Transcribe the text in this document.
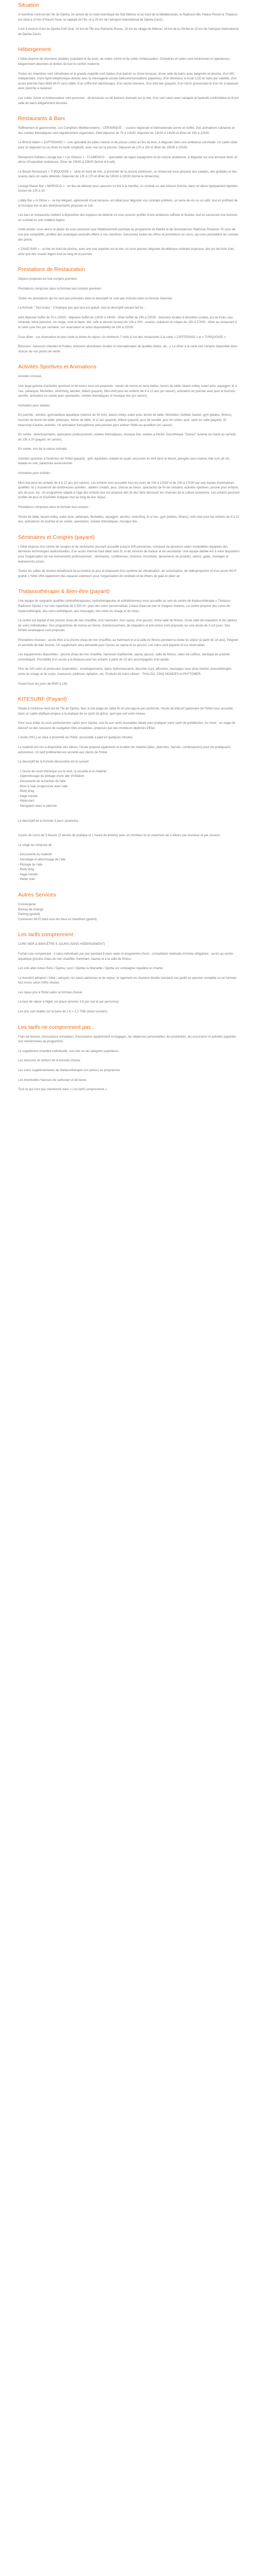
Situation

A l'extrême nord-est de l'île de Djerba, en amont de la route touristique de Sidi Mahrez et au bord de la Méditerranée, le Radisson Blu Palace Resort & Thalasso est situé à 10 km d'Houmt Souk, la capitale de l'île, et à 25 km de l'aéroport international de Djerba-Zarzis.

Il est à environ 4 km du Djerba Golf Club, 10 km de l'Île aux Flamants Roses, 15 km du village de Midoun, 24 km de la Ghriba et 22 km de l'aéroport international de Djerba-Zarzis.

Hébergement

L'hôtel dispose de chambres doubles (standard et de luxe), de suites Junior et de suites Ambassadeur. Chambres et suites sont lumineuses et spacieuses, élégamment décorées et dotées de tout le confort moderne.

Toutes les chambres sont climatisées et la grande majorité sont dotées d'un balcon ou d'une terrasse, d'une salle de bains avec baignoire et douche, d'un WC indépendant, d'une ligne téléphonique directe avec la messagerie vocale (télécommunications payantes), d'un téléviseur à écran LCD et radio par satellite, d'un accès Internet haut débit Wi-Fi sans câble, d'un coffre-fort électronique, d'un sèche-cheveux, d'un mini-bar (payant), d'un miroir grossissant et d'un fer à repasser avec planche à repasser.

Les suites Junior et Ambassadeur sont pourvues : de terrasses ou de balcons donnant sur la mer, d'un coin salon avec canapés et fauteuils confortables et d'une salle de bains élégamment décorée.

Restaurants & Bars

Raffinement et gastronomie. Les Comptoirs Méditerranéens - CÉRAMIQUE - : cuisine régionale et internationale servie en buffet. Des animations culinaires et des soirées thématiques sont régulièrement organisées. Petit déjeuner de 7h à 10h30, déjeuner de 12h30 à 14h30 et dîner de 19h à 22h30.

Le Bistrot Italien « ZAFFERANO » : une spécialité de pâtes maison et de pizzas cuites au feu de bois, à déguster dans une ambiance conviviale. Un cadre idéal pour un déjeuner ou un dîner en toute simplicité, avec vue sur la piscine. Déjeuner de 12h à 15h et dîner de 19h30 à 22h30.

Restaurant Andalou Lounge bar « Los Gitanos » - FLAMENCO - : spécialités de tapas espagnoles et de cuisine andalouse, à déguster sur une terrasse dans un décor d'inspiration andalouse. Dîner de 19h30 à 23h00 (fermé le lundi).

Le Beach Restaurant « TURQUOISE » : situé en bord de mer, à proximité de la piscine extérieure, ce restaurant vous propose des salades, des grillades et des snacks dans un cadre détendu. Déjeuner de 12h à 17h et dîner de 19h30 à 22h30 (fermé le dimanche).

Lounge Maure Bar « MORISCO » : un lieu de détente pour savourer un thé à la menthe, un cocktail ou une boisson fraîche, dans un décor typiquement djerbien. Ouvert de 10h à 1h.

Lobby Bar « Al Dhow » : ce bar élégant, agrémenté d'une terrasse, est idéal pour déguster vos cocktails préférés, un verre de vin ou un café, tout en profitant de la musique live et des divertissements proposés le soir.

Les bars et restaurants mettent à disposition des espaces de détente où vous pourrez profiter d'une ambiance raffinée et feutrée, tout en savourant une boisson, un cocktail ou une collation légère.

Cette année, nous avons le plaisir de vous annoncer que l'établissement participe au programme de fidélité et de récompenses Radisson Rewards. En plus de nos prix compétitifs, profitez des avantages exclusifs offerts à nos membres. Découvrez toutes les offres et promotions en cours, qui vous permettent de cumuler des points.

« ZANZI BAR » : un bar en bord de piscine, avec une vue superbe sur la mer, où vous pourrez déguster de délicieux cocktails tropicaux, des jus de fruits frais, ainsi que des snacks légers tout au long de la journée.

Prestations de Restauration

Séjours proposés en tout compris premium

Prestations comprises dans la formule tout compris premium :

Toutes les prestations qui ne sont pas précisées dans le descriptif ne sont pas incluses dans la formule réservée.

La formule " Tout Inclus " n'implique pas que tout est gratuit, seul le descriptif suivant fait foi :

petit déjeuner buffet de 7h à 10h30 - déjeuner buffet de 12h30 à 14h30 - dîner buffet de 19h à 22h30 - boissons locales à discrétion (sodas, jus de fruits, eau minérale, bière pression, vin rouge, rosé et blanc, thé, café et alcools locaux) de 10h à 23h - snacks, collations et crêpes de 15h à 17h00 - dîner au restaurant à la carte (une fois par semaine, sur réservation et selon disponibilité) de 19h à 22h30.

Doux dîner : sur réservation et pour toute la durée du séjour. Un minimum 7 nuits à l'un des restaurants à la carte « ZAFFERANO » et « TURQUOISE ».

Boissons : boissons chaudes et froides, boissons alcoolisées locales et internationales de qualités (bière, vin...). Le dîner à la carte tout compris disponible dans chacun de nos points de vente.

Activités Sportives et Animations

Activités incluses

Une large gamme d'activités sportives et de loisirs vous est proposée : terrain de tennis en terre battue, tennis de table, beach-volley, water-polo, aquagym, tir à l'arc, pétanque, fléchettes, stretching, aérobic, billard (payant). Mini-club pour les enfants de 4 à 12 ans (en saison), animation en journée avec jeux et tournois sportifs, animation en soirée avec spectacles, soirées thématiques et musique live (en saison).

Animation pour adultes :

En journée : aérobic, gymnastique aquatique (séance de 45 min), beach-volley, water-polo, tennis de table, fléchettes, football, basket, gym (pilates, fitness), tournois de tennis de table, pétanque, tennis de table, tir à l'arc (payant), billard (payant), jeux de société, jeux de cartes, quiz, sport en salle (payant). Et beaucoup d'autres activités. Un animateur francophone sera présent pour animer l'hôtel au quotidien (en saison).

En soirée : divertissements, spectacles professionnels, soirées thématiques, musique live, soirées à thème. Discothèque "Zaman" ouverte du mardi au samedi, de 23h à 2h (payant, en saison).

En soirée, lors de la saison estivale :

Activités sportives à l'extérieur de l'hôtel (payant) : golf, équitation, balade en quad, excursion en 4x4 dans le désert, plongée sous-marine, kite surf, jet ski, balade en mer, parachute ascensionnel.

Animation pour enfants :

Mini-club pour les enfants de 4 à 12 ans (en saison). Les enfants sont accueillis tous les jours de 10h à 12h30 et de 15h à 17h30 par une équipe d'animateurs qualifiés. Ils y trouveront de nombreuses activités : ateliers créatifs, jeux, chasse au trésor, spectacles de fin de semaine, activités sportives, piscine pour enfants, aire de jeux, etc. Un programme adapté à l'âge des enfants leur est proposé afin de leur faire découvrir les charmes de la culture tunisienne. Les enfants pourront profiter de jeux et d'activités ludiques tout au long de leur séjour.

Prestations comprises dans la formule tout compris :

Tennis de table, beach-volley, water-polo, pétanque, fléchettes, aquagym, aérobic, stretching, tir à l'arc, gym (pilates, fitness), mini-club pour les enfants de 4 à 12 ans, animations en journée et en soirée, spectacles, soirées thématiques, musique live.

Séminaires et Congrès (payant)

L'hôtel dispose d'un centre de congrès et de séminaires pouvant accueillir jusqu'à 300 personnes, composé de plusieurs salles modulables équipées des dernières technologies audiovisuelles, d'un accès Internet haut débit sans fil, et de services de traiteur et de secrétariat. Une équipe dédiée est à votre disposition pour l'organisation de vos événements professionnels : séminaires, conférences, réunions, incentives, lancements de produits, salons, galas, mariages et événements privés.

Toutes les salles de réunion bénéficient de la lumière du jour et disposent d'un système de climatisation, de sonorisation, de vidéoprojection et d'un accès Wi-Fi gratuit. L'hôtel offre également des espaces extérieurs pour l'organisation de cocktails et de dîners de gala en plein air.

Thalassothérapie & Bien-être (payant)

Une équipe de soignants qualifiés (kinésithérapeutes, hydrothérapeutes et esthéticiennes) vous accueille au sein du centre de thalassothérapie « Thalasso Radisson Djerba » sur une superficie de 3 500 m², pour des soins personnalisés à base d'eau de mer et d'algues marines. Le centre propose des cures de thalassothérapie, des soins esthétiques, des massages, des soins du visage et du corps.

Le centre est équipé d'une piscine d'eau de mer chauffée, d'un hammam, d'un sauna, d'un jacuzzi, d'une salle de fitness, d'une salle de relaxation et de cabines de soins individuelles. Des programmes de remise en forme, d'amincissement, de relaxation et anti-stress sont proposés sur une durée de 3 à 6 jours. Des forfaits avantageux sont proposés.

Prestations incluses : accès libre à la piscine d'eau de mer chauffée, au hammam et à la salle de fitness pendant la durée du séjour (à partir de 16 ans). Peignoir et serviette de bain fournis. Un supplément sera demandé pour l'accès au sauna et au jacuzzi. Les soins sont payants et sur réservation.

Les équipements disponibles : piscine d'eau de mer chauffée, hammam traditionnel, sauna, jacuzzi, salle de fitness, salon de coiffure, boutique de produits cosmétiques. Possibilité d'un accès à la thalasso pour les enfants à partir de 10 ans accompagnés d'un adulte.

Plus de 100 soins et protocoles disponibles : enveloppements, bains hydromassants, douches à jet, affusions, massages sous pluie marine, pressothérapie, soins du visage et du corps, manucure, pédicure, épilation, etc. Produits de soins utilisés : THALGO, CINQ MONDES et PHYTOMER.

Ouvert tous les jours de 8h00 à 19h.

KITESURF (Payant)

Située à l'extrême nord-est de l'île de Djerba, face à une plage de sable fin et une lagune peu profonde, l'école de kitesurf partenaire de l'hôtel vous accueille dans un cadre idyllique propice à la pratique de ce sport de glisse, quel que soit votre niveau.

Pour vous initier ou vous perfectionner, optez pour Djerba, une île aux vents favorables idéale pour pratiquer votre sport de prédilection. Au choix : un stage de kitesurf ou des sessions de navigation libre encadrées, proposés par des moniteurs diplômés d'État.

L'école (HCL) se situe à proximité de l'hôtel, accessible à pied en quelques minutes.

Le matériel est mis à disposition des élèves, l'école propose également la location de matériel (ailes, planches, harnais, combinaisons) pour les pratiquants autonomes. Un tarif préférentiel est accordé aux clients de l'hôtel.

Le descriptif de la formule découverte est le suivant :

- 1 heure de cours théorique sur le vent, la sécurité et le matériel
- Apprentissage du pilotage d'une aile d'initiation
- Découverte de la traction de l'aile
- Mise à l'eau progressive avec l'aile
- Body drag
- Nage tractée
- Waterstart
- Navigation avec la planche

Le descriptif de la formule 3 jours (avancée) :

3 jours de cours de 3 heures (2 heures de pratique et 1 heure de théorie) avec un moniteur et un maximum de 2 élèves par moniteur et par session.

Le stage se compose de :

- Découverte du matériel
- Décollage et atterrissage de l'aile
- Pilotage de l'aile
- Body drag
- Nage tractée
- Water start
Autres Services
Conciergerie
Bureau de change
Parking (gratuit)
Connexion Wi-Fi dans tous les lieux et chambres (gratuit)
Les tarifs comprennent :

CURE MER & BIEN-ÊTRE 6 JOURS (SANS HÉBERGEMENT)

Forfait cure comprenant : 4 soins individuels par jour pendant 6 jours selon le programme choisi ; consultation médicale d'entrée obligatoire ; accès au centre aquatique (piscine d'eau de mer chauffée, hammam, sauna) et à la salle de fitness.

Les vols aller-retour Paris / Djerba, Lyon / Djerba ou Marseille / Djerba sur compagnie régulière ou charter.

Le transfert aéroport / hôtel / aéroport, les taxes aériennes et de séjour, le logement en chambre double standard vue jardin en pension complète ou en formule tout inclus selon l'offre choisie.

Les repas pris à l'hôtel selon la formule choisie.

La taxe de séjour à régler sur place (environ 3 € par nuit et par personne).

Les prix sont établis sur la base de 1 € = 2,2 TND (dinar tunisien).

Les tarifs ne comprennent pas :

Frais de dossier, d'assurance annulation, d'assistance rapatriement et bagages, les dépenses personnelles, les pourboires, les excursions et activités payantes non mentionnées au programme.

Le supplément chambre individuelle, vue mer ou de catégorie supérieure.

Les boissons en dehors de la formule choisie.

Les soins supplémentaires de thalassothérapie non prévus au programme.

Les éventuelles hausses de carburant et de taxes.

Tout ce qui n'est pas mentionné dans « Les tarifs comprennent ».
